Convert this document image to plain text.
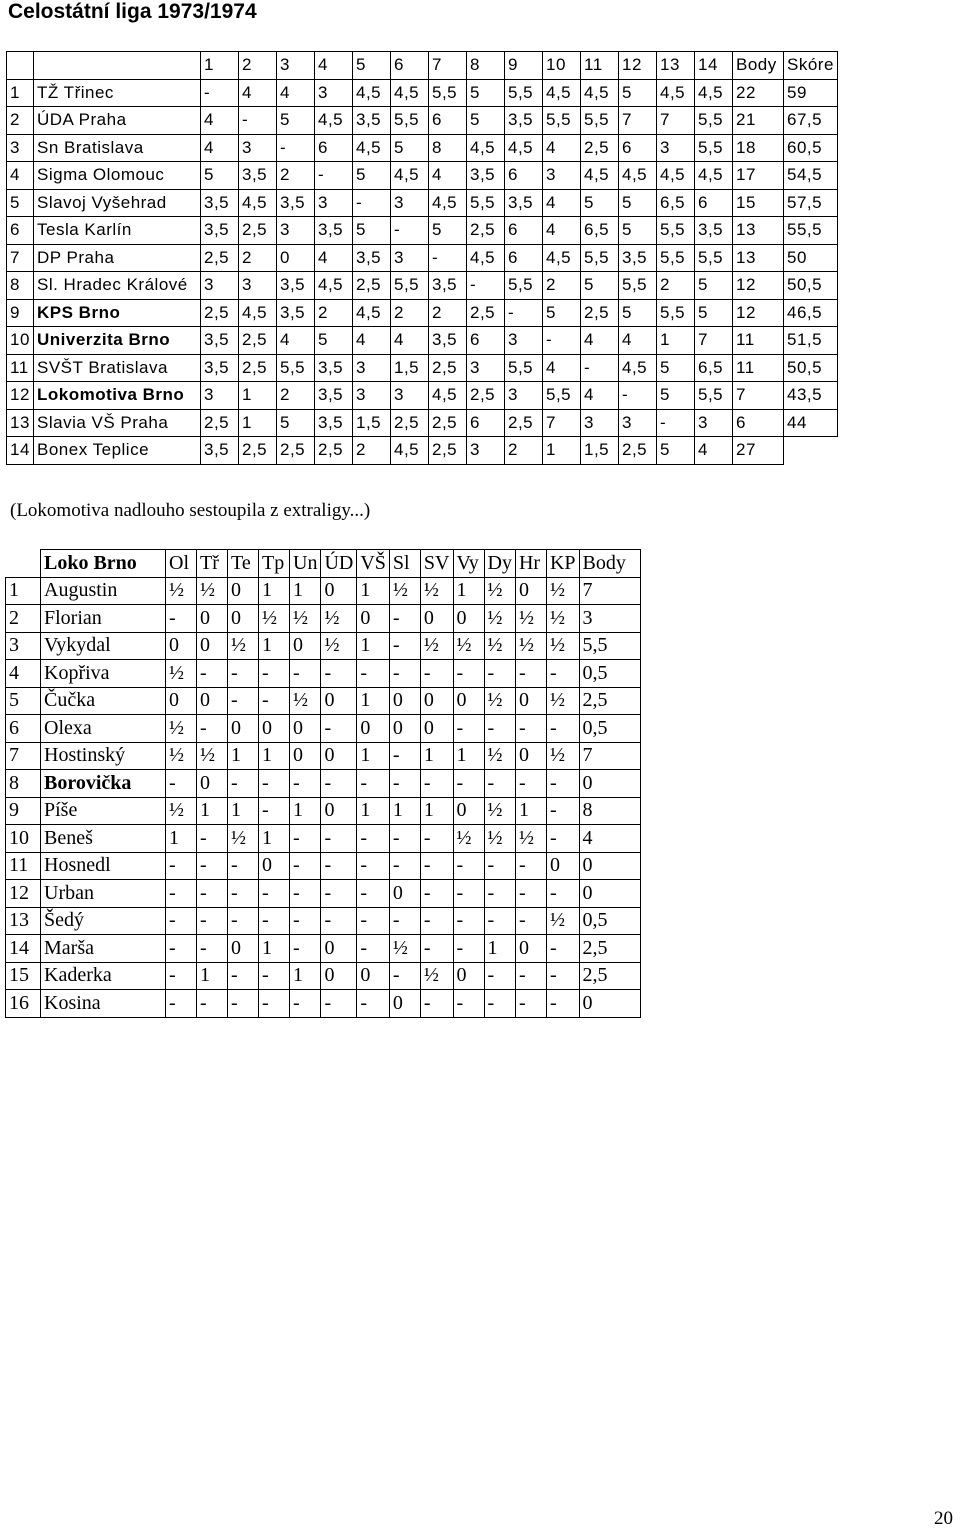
Celostátní liga 1973/1974
		1	2	3	4	5	6	7	8	9	10	11	12	13	14	Body	Skóre
1	TŽ Třinec	-	4	4	3	4,5	4,5	5,5	5	5,5	4,5	4,5	5	4,5	4,5	22	59
2	ÚDA Praha	4	-	5	4,5	3,5	5,5	6	5	3,5	5,5	5,5	7	7	5,5	21	67,5
3	Sn Bratislava	4	3	-	6	4,5	5	8	4,5	4,5	4	2,5	6	3	5,5	18	60,5
4	Sigma Olomouc	5	3,5	2	-	5	4,5	4	3,5	6	3	4,5	4,5	4,5	4,5	17	54,5
5	Slavoj Vyšehrad	3,5	4,5	3,5	3	-	3	4,5	5,5	3,5	4	5	5	6,5	6	15	57,5
6	Tesla Karlín	3,5	2,5	3	3,5	5	-	5	2,5	6	4	6,5	5	5,5	3,5	13	55,5
7	DP Praha	2,5	2	0	4	3,5	3	-	4,5	6	4,5	5,5	3,5	5,5	5,5	13	50
8	Sl. Hradec Králové	3	3	3,5	4,5	2,5	5,5	3,5	-	5,5	2	5	5,5	2	5	12	50,5
9	KPS Brno	2,5	4,5	3,5	2	4,5	2	2	2,5	-	5	2,5	5	5,5	5	12	46,5
10	Univerzita Brno	3,5	2,5	4	5	4	4	3,5	6	3	-	4	4	1	7	11	51,5
11	SVŠT Bratislava	3,5	2,5	5,5	3,5	3	1,5	2,5	3	5,5	4	-	4,5	5	6,5	11	50,5
12	Lokomotiva Brno	3	1	2	3,5	3	3	4,5	2,5	3	5,5	4	-	5	5,5	7	43,5
13	Slavia VŠ Praha	2,5	1	5	3,5	1,5	2,5	2,5	6	2,5	7	3	3	-	3	6	44
14	Bonex Teplice	3,5	2,5	2,5	2,5	2	4,5	2,5	3	2	1	1,5	2,5	5	4	27	
(Lokomotiva nadlouho sestoupila z extraligy...)
	Loko Brno	Ol	Tř	Te	Tp	Un	ÚD	VŠ	Sl	SV	Vy	Dy	Hr	KP	Body
1	Augustin	½	½	0	1	1	0	1	½	½	1	½	0	½	7
2	Florian	-	0	0	½	½	½	0	-	0	0	½	½	½	3
3	Vykydal	0	0	½	1	0	½	1	-	½	½	½	½	½	5,5
4	Kopřiva	½	-	-	-	-	-	-	-	-	-	-	-	-	0,5
5	Čučka	0	0	-	-	½	0	1	0	0	0	½	0	½	2,5
6	Olexa	½	-	0	0	0	-	0	0	0	-	-	-	-	0,5
7	Hostinský	½	½	1	1	0	0	1	-	1	1	½	0	½	7
8	Borovička	-	0	-	-	-	-	-	-	-	-	-	-	-	0
9	Píše	½	1	1	-	1	0	1	1	1	0	½	1	-	8
10	Beneš	1	-	½	1	-	-	-	-	-	½	½	½	-	4
11	Hosnedl	-	-	-	0	-	-	-	-	-	-	-	-	0	0
12	Urban	-	-	-	-	-	-	-	0	-	-	-	-	-	0
13	Šedý	-	-	-	-	-	-	-	-	-	-	-	-	½	0,5
14	Marša	-	-	0	1	-	0	-	½	-	-	1	0	-	2,5
15	Kaderka	-	1	-	-	1	0	0	-	½	0	-	-	-	2,5
16	Kosina	-	-	-	-	-	-	-	0	-	-	-	-	-	0
20
